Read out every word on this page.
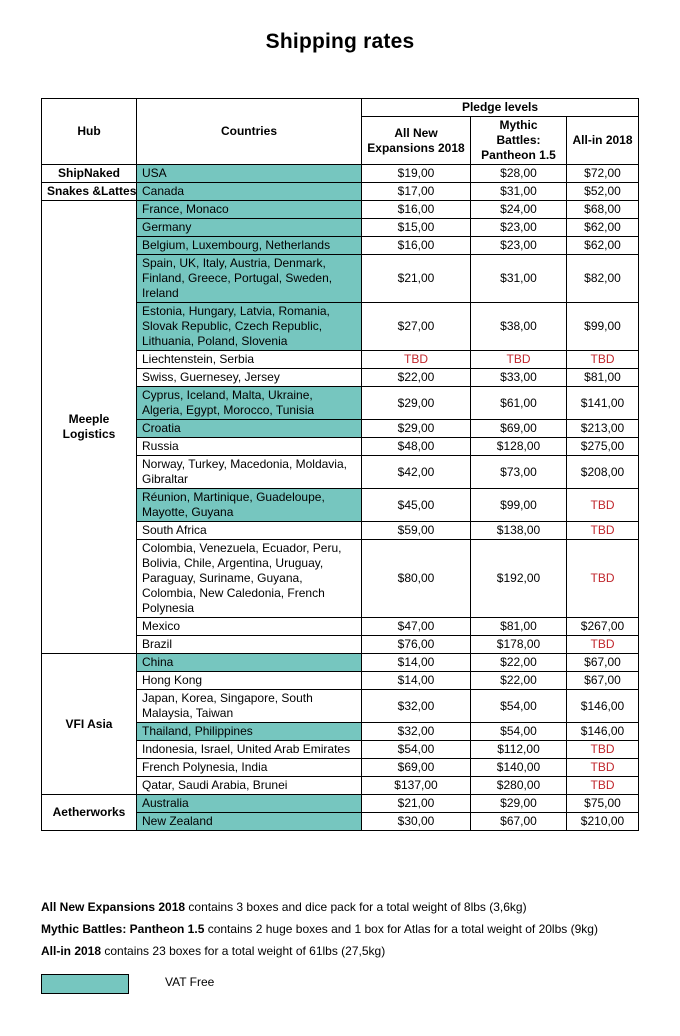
Shipping rates
Hub	Countries	Pledge levels		
		All New Expansions 2018	Mythic Battles: Pantheon 1.5	All-in 2018
ShipNaked	USA	$19,00	$28,00	$72,00
Snakes &Lattes	Canada	$17,00	$31,00	$52,00
Meeple Logistics	France, Monaco	$16,00	$24,00	$68,00
	Germany	$15,00	$23,00	$62,00
	Belgium, Luxembourg, Netherlands	$16,00	$23,00	$62,00
	Spain, UK, Italy, Austria, Denmark, Finland, Greece, Portugal, Sweden, Ireland	$21,00	$31,00	$82,00
	Estonia, Hungary, Latvia, Romania, Slovak Republic, Czech Republic, Lithuania, Poland, Slovenia	$27,00	$38,00	$99,00
	Liechtenstein, Serbia	TBD	TBD	TBD
	Swiss, Guernesey, Jersey	$22,00	$33,00	$81,00
	Cyprus, Iceland, Malta, Ukraine, Algeria, Egypt, Morocco, Tunisia	$29,00	$61,00	$141,00
	Croatia	$29,00	$69,00	$213,00
	Russia	$48,00	$128,00	$275,00
	Norway, Turkey, Macedonia, Moldavia, Gibraltar	$42,00	$73,00	$208,00
	Réunion, Martinique, Guadeloupe, Mayotte, Guyana	$45,00	$99,00	TBD
	South Africa	$59,00	$138,00	TBD
	Colombia, Venezuela, Ecuador, Peru, Bolivia, Chile, Argentina, Uruguay, Paraguay, Suriname, Guyana, Colombia, New Caledonia, French Polynesia	$80,00	$192,00	TBD
	Mexico	$47,00	$81,00	$267,00
	Brazil	$76,00	$178,00	TBD
VFI Asia	China	$14,00	$22,00	$67,00
	Hong Kong	$14,00	$22,00	$67,00
	Japan, Korea, Singapore, South Malaysia, Taiwan	$32,00	$54,00	$146,00
	Thailand, Philippines	$32,00	$54,00	$146,00
	Indonesia, Israel, United Arab Emirates	$54,00	$112,00	TBD
	French Polynesia, India	$69,00	$140,00	TBD
	Qatar, Saudi Arabia, Brunei	$137,00	$280,00	TBD
Aetherworks	Australia	$21,00	$29,00	$75,00
	New Zealand	$30,00	$67,00	$210,00
All New Expansions 2018 contains 3 boxes and dice pack for a total weight of 8lbs (3,6kg)
Mythic Battles: Pantheon 1.5 contains 2 huge boxes and 1 box for Atlas for a total weight of 20lbs (9kg)
All-in 2018 contains 23 boxes for a total weight of 61lbs (27,5kg)
VAT Free
